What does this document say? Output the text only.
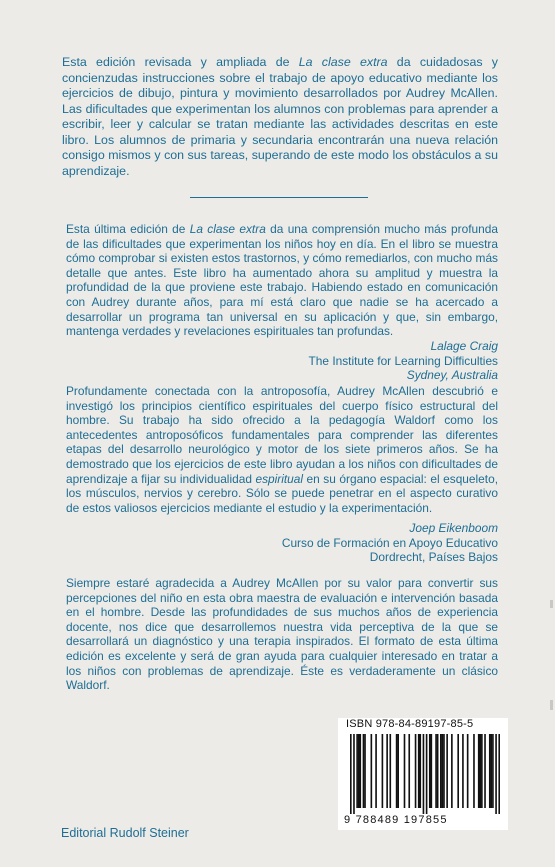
Esta edición revisada y ampliada de La clase extra da cuidadosas y concienzudas instrucciones sobre el trabajo de apoyo educativo mediante los ejercicios de dibujo, pintura y movimiento desarrollados por Audrey McAllen. Las dificultades que experimentan los alumnos con problemas para aprender a escribir, leer y calcular se tratan mediante las actividades descritas en este libro. Los alumnos de primaria y secundaria encontrarán una nueva relación consigo mismos y con sus tareas, superando de este modo los obstáculos a su aprendizaje.

Esta última edición de La clase extra da una comprensión mucho más profunda de las dificultades que experimentan los niños hoy en día. En el libro se muestra cómo comprobar si existen estos trastornos, y cómo remediarlos, con mucho más detalle que antes. Este libro ha aumentado ahora su amplitud y muestra la profundidad de la que proviene este trabajo. Habiendo estado en comunicación con Audrey durante años, para mí está claro que nadie se ha acercado a desarrollar un programa tan universal en su aplicación y que, sin embargo, mantenga verdades y revelaciones espirituales tan profundas.

Lalage Craig
The Institute for Learning Difficulties
Sydney, Australia

Profundamente conectada con la antroposofía, Audrey McAllen descubrió e investigó los principios científico espirituales del cuerpo físico estructural del hombre. Su trabajo ha sido ofrecido a la pedagogía Waldorf como los antecedentes antroposóficos fundamentales para comprender las diferentes etapas del desarrollo neurológico y motor de los siete primeros años. Se ha demostrado que los ejercicios de este libro ayudan a los niños con dificultades de aprendizaje a fijar su individualidad espiritual en su órgano espacial: el esqueleto, los músculos, nervios y cerebro. Sólo se puede penetrar en el aspecto curativo de estos valiosos ejercicios mediante el estudio y la experimentación.

Joep Eikenboom
Curso de Formación en Apoyo Educativo
Dordrecht, Países Bajos

Siempre estaré agradecida a Audrey McAllen por su valor para convertir sus percepciones del niño en esta obra maestra de evaluación e intervención basada en el hombre. Desde las profundidades de sus muchos años de experiencia docente, nos dice que desarrollemos nuestra vida perceptiva de la que se desarrollará un diagnóstico y una terapia inspirados. El formato de esta última edición es excelente y será de gran ayuda para cualquier interesado en tratar a los niños con problemas de aprendizaje. Éste es verdaderamente un clásico Waldorf.

ISBN 978-84-89197-85-5
9 788489 197855
Editorial Rudolf Steiner
